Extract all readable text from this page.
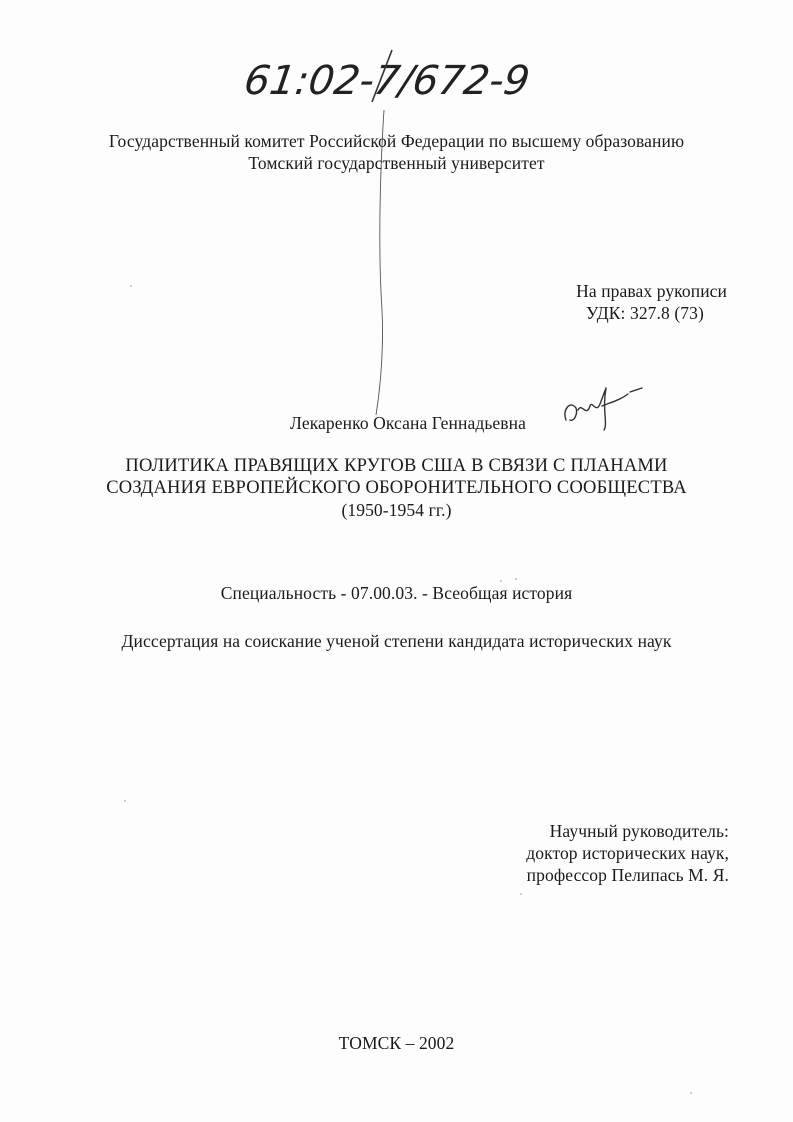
61:02-7/672-9
Государственный комитет Российской Федерации по высшему образованию
Томский государственный университет
На правах рукописи
УДК: 327.8 (73)
Лекаренко Оксана Геннадьевна
ПОЛИТИКА ПРАВЯЩИХ КРУГОВ США В СВЯЗИ С ПЛАНАМИ
СОЗДАНИЯ ЕВРОПЕЙСКОГО ОБОРОНИТЕЛЬНОГО СООБЩЕСТВА
(1950-1954 гг.)
Специальность - 07.00.03. - Всеобщая история
Диссертация на соискание ученой степени кандидата исторических наук
Научный руководитель:
доктор исторических наук,
профессор Пелипась М. Я.
ТОМСК – 2002
